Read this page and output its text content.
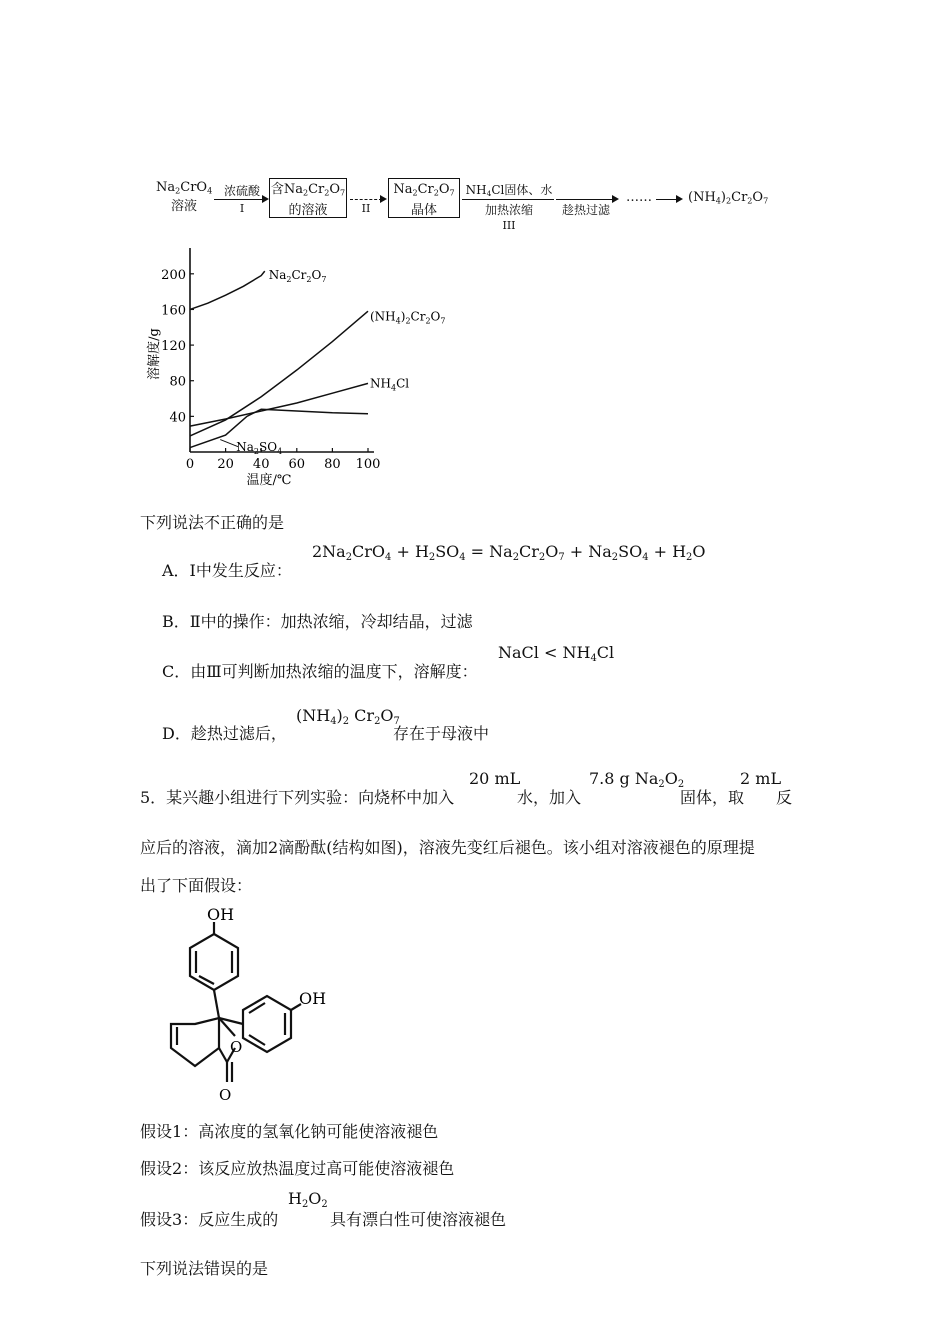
$Na_2CrO_4$
溶液
浓硫酸
I
含$Na_2Cr_2O_7$
的溶液	II
$Na_2Cr_2O_7$
晶体
$NH_4Cl$固体、水
加热浓缩
III
趁热过滤
……	$(NH_4)_2Cr_2O_7$
0 20 40 60 80 100
40
80
120
160
200
温度/℃
溶解度/g
$Na_2Cr_2O_7$
$(NH_4)_2Cr_2O_7$
$NH_4Cl$
$Na_2SO_4$
下列说法不正确的是
A．Ⅰ中发生反应：
$2Na_2CrO_4 + H_2SO_4 = Na_2Cr_2O_7 + Na_2SO_4 + H_2O$
B．Ⅱ中的操作：加热浓缩，冷却结晶，过滤
C．由Ⅲ可判断加热浓缩的温度下，溶解度：
NaCl < $NH_4Cl$
D．趁热过滤后，
$(NH_4)_2$ $Cr_2O_7$
存在于母液中
5．某兴趣小组进行下列实验：向烧杯中加入
20 mL
水，加入
7.8 g $Na_2O_2$
固体，取
2 mL
反
应后的溶液，滴加2滴酚酞(结构如图)，溶液先变红后褪色。该小组对溶液褪色的原理提
出了下面假设：
OH
OH
O
O
假设1：高浓度的氢氧化钠可能使溶液褪色
假设2：该反应放热温度过高可能使溶液褪色
假设3：反应生成的
$H_2O_2$
具有漂白性可使溶液褪色
下列说法错误的是
